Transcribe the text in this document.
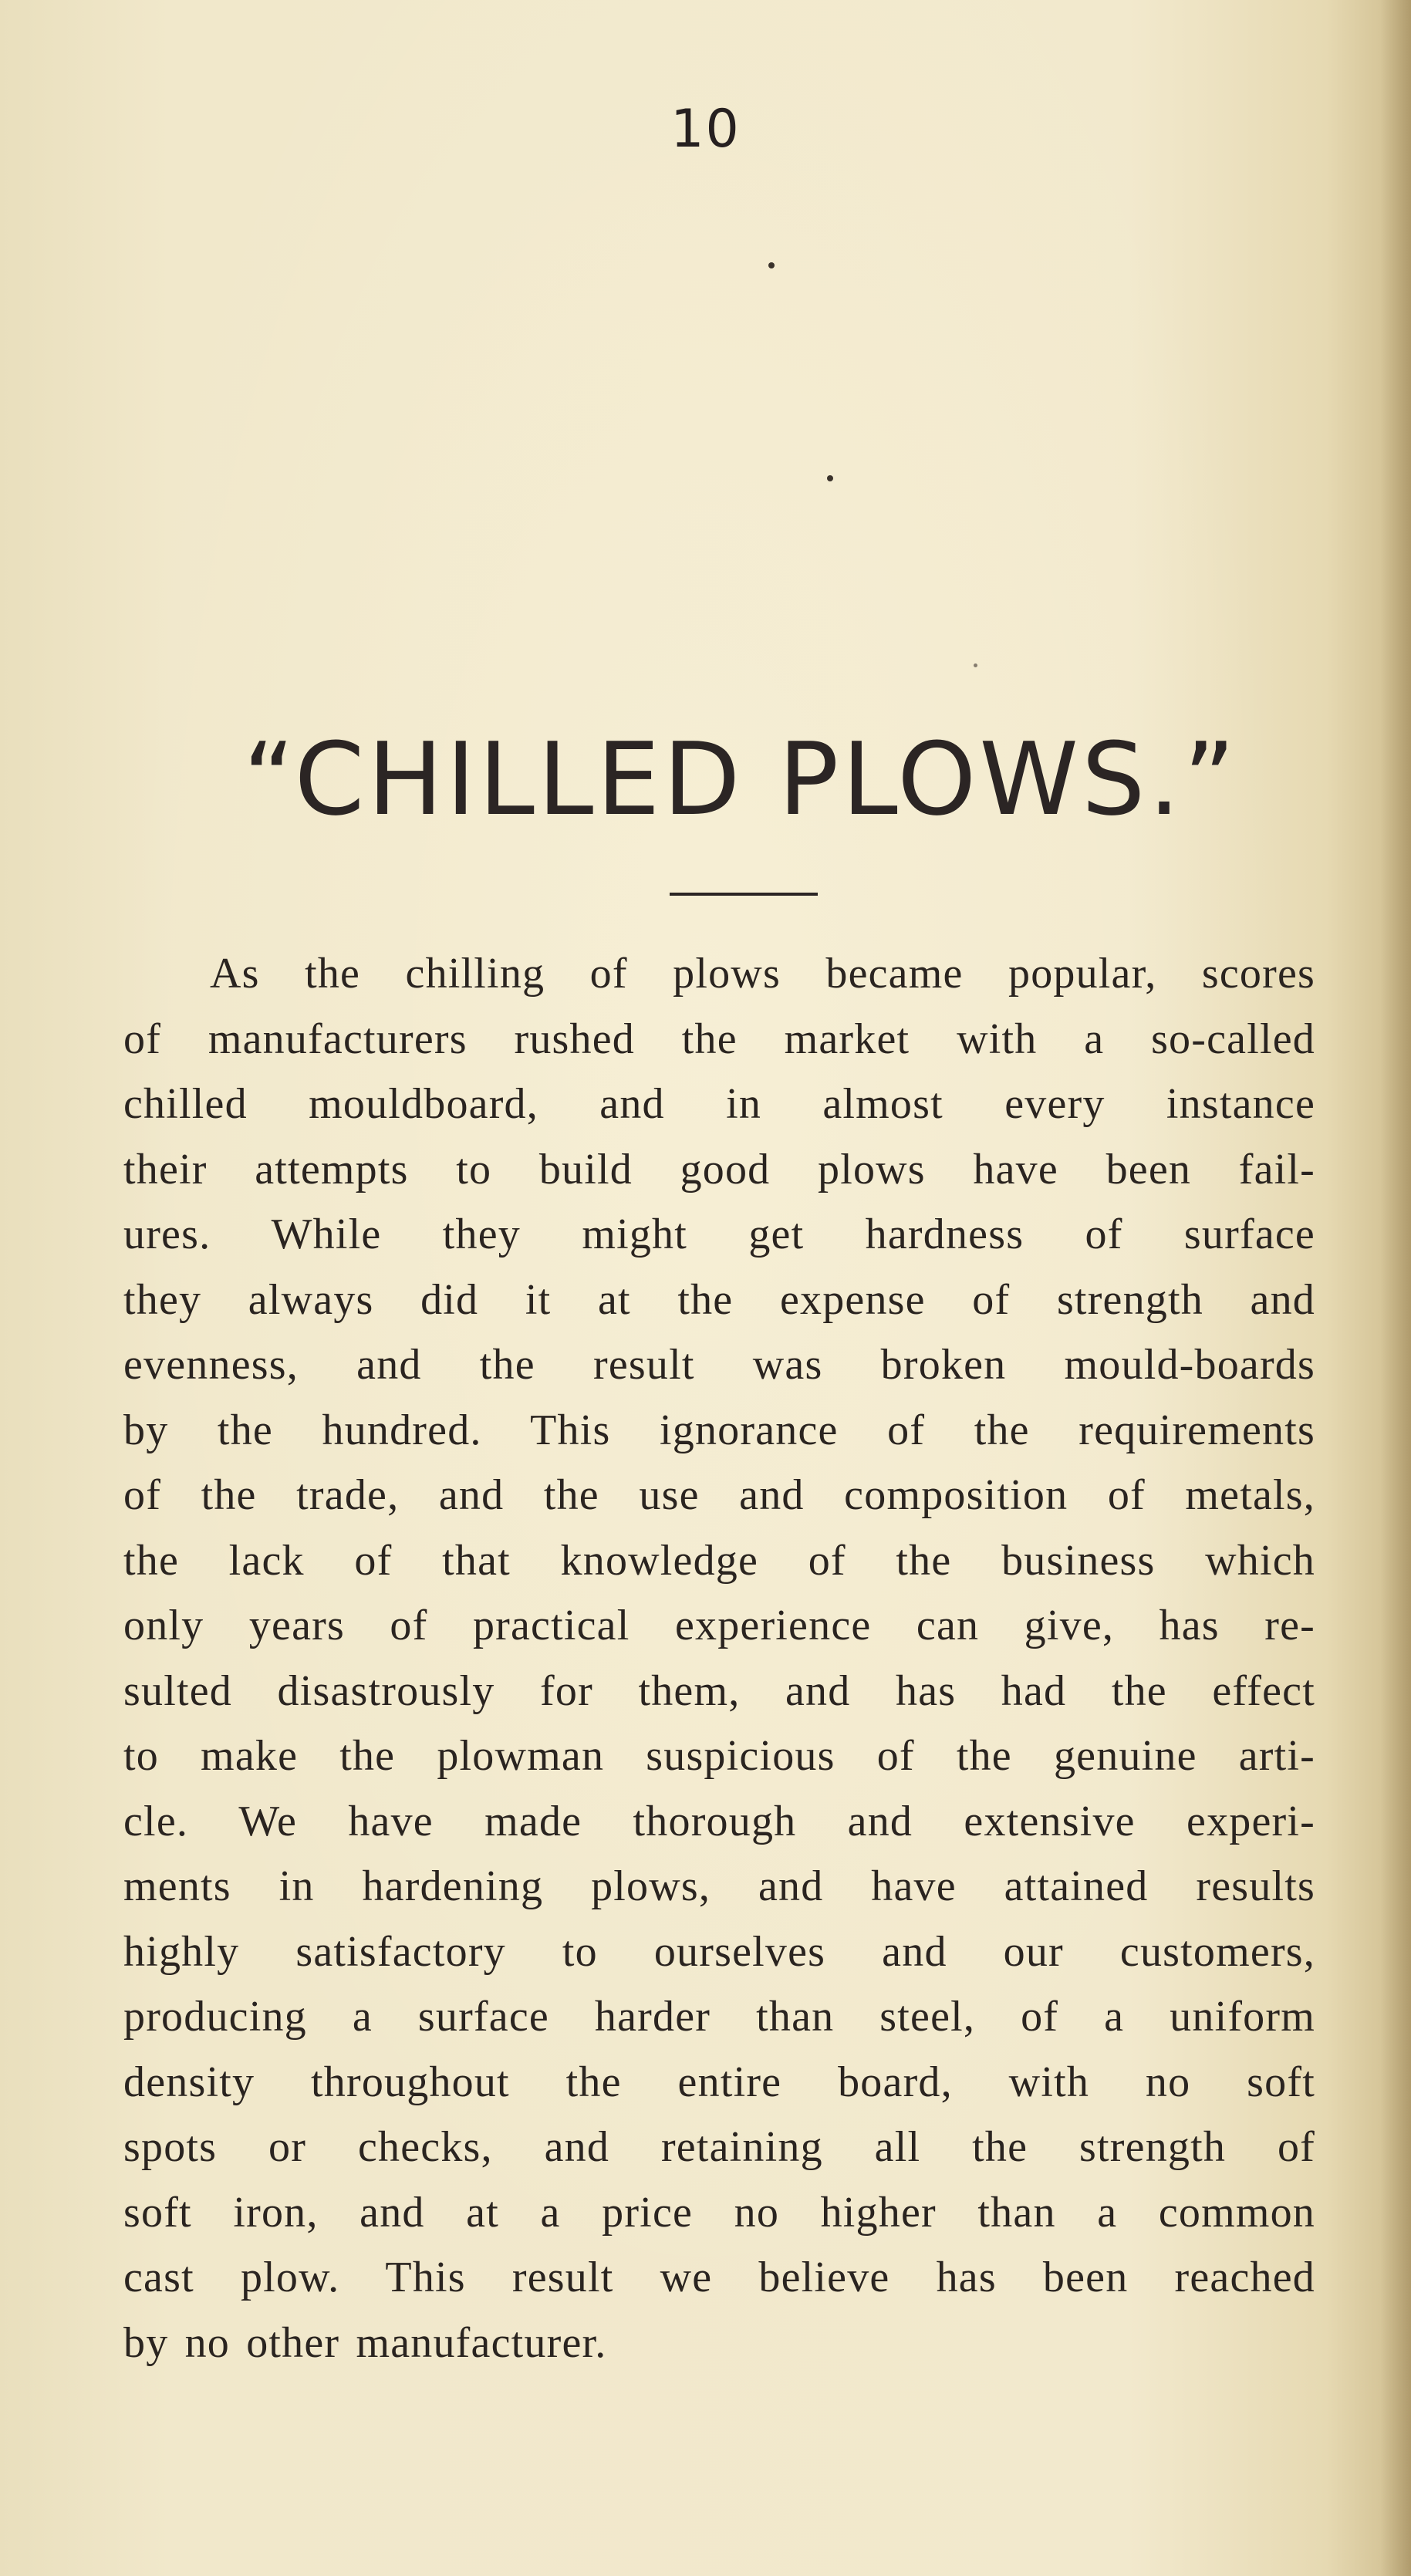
10
“CHILLED PLOWS.”
As the chilling of plows became popular, scores
of manufacturers rushed the market with a so-called
chilled mouldboard, and in almost every instance
their attempts to build good plows have been fail-
ures. While they might get hardness of surface
they always did it at the expense of strength and
evenness, and the result was broken mould-boards
by the hundred. This ignorance of the requirements
of the trade, and the use and composition of metals,
the lack of that knowledge of the business which
only years of practical experience can give, has re-
sulted disastrously for them, and has had the effect
to make the plowman suspicious of the genuine arti-
cle. We have made thorough and extensive experi-
ments in hardening plows, and have attained results
highly satisfactory to ourselves and our customers,
producing a surface harder than steel, of a uniform
density throughout the entire board, with no soft
spots or checks, and retaining all the strength of
soft iron, and at a price no higher than a common
cast plow. This result we believe has been reached
by no other manufacturer.
